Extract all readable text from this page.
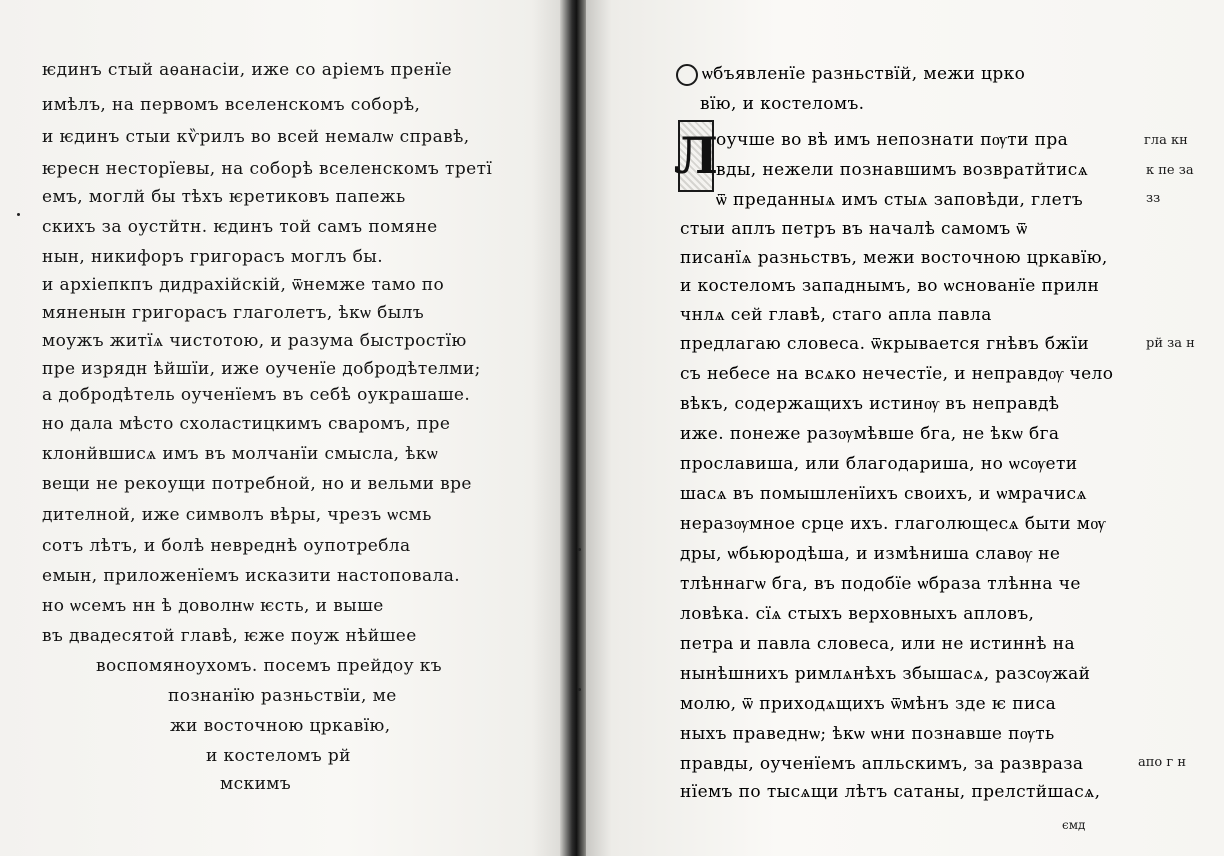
ѥдинъ стый аѳанасіи, иже со аріемъ пренїе
имѣлъ, на первомъ вселенскомъ соборѣ,
и ѥдинъ стыи кѷрилъ во всей немалѡ справѣ,
ѥресн несторїевы, на соборѣ вселенскомъ третї
емъ, моглй бы тѣхъ ѥретиковъ папежь
скихъ за оустйтн. ѥдинъ той самъ помяне
нын, никифоръ григорасъ моглъ бы.
и архіепкпъ дидрахійскій, ѿнемже тамо по
мяненын григорасъ глаголетъ, ѣкѡ былъ
моужъ житїѧ чистотою, и разума быстростїю
пре изрядн ѣйшїи, иже оученїе добродѣтелми;
а добродѣтель оученїемъ въ себѣ оукрашаше.
но дала мѣсто схоластицкимъ сваромъ, пре
клонйвшисѧ имъ въ молчанїи смысла, ѣкѡ
вещи не рекоущи потребной, но и вельми вре
дителной, иже символъ вѣры, чрезъ ѡсмь
сотъ лѣтъ, и болѣ невреднѣ оупотребла
емын, приложенїемъ исказити настоповала.
но ѡсемъ нн ѣ доволнѡ ѥсть, и выше
въ двадесятой главѣ, ѥже поуж нѣйшее
воспомяноухомъ. посемъ прейдоу къ
познанїю разньствїи, ме
жи восточною цркавїю,
и костеломъ рй
мскимъ
ѡбъявленїе разньствїй, межи црко
вїю, и костеломъ.
Л
оучше во вѣ имъ непознати пѹти пра
вды, нежели познавшимъ возвратйтисѧ
ѿ преданныѧ имъ стыѧ заповѣди, глетъ
стыи аплъ петръ въ началѣ самомъ ѿ
писанїѧ разньствъ, межи восточною цркавїю,
и костеломъ западнымъ, во ѡснованїе прилн
чнлѧ сей главѣ, стаго апла павла
предлагаю словеса. ѿкрывается гнѣвъ бжїи
съ небесе на всѧко нечестїе, и неправдѹ чело
вѣкъ, содержащихъ истинѹ въ неправдѣ
иже. понеже разѹмѣвше бга, не ѣкѡ бга
прославиша, или благодариша, но ѡсѹети
шасѧ въ помышленїихъ своихъ, и ѡмрачисѧ
неразѹмное срце ихъ. глаголющесѧ быти мѹ
дры, ѡбьюродѣша, и измѣниша славѹ не
тлѣннагѡ бга, въ подобїе ѡбраза тлѣнна че
ловѣка. сїѧ стыхъ верховныхъ апловъ,
петра и павла словеса, или не истиннѣ на
нынѣшнихъ римлѧнѣхъ збышасѧ, разсѹжай
молю, ѿ приходѧщихъ ѿмѣнъ зде ѥ писа
ныхъ праведнѡ; ѣкѡ ѡни познавше пѹть
правды, оученїемъ апльскимъ, за развраза
нїемъ по тысѧщи лѣтъ сатаны, прелстйшасѧ,
гла кн
к пе за
зз
рй за н
апо г н
ємд
